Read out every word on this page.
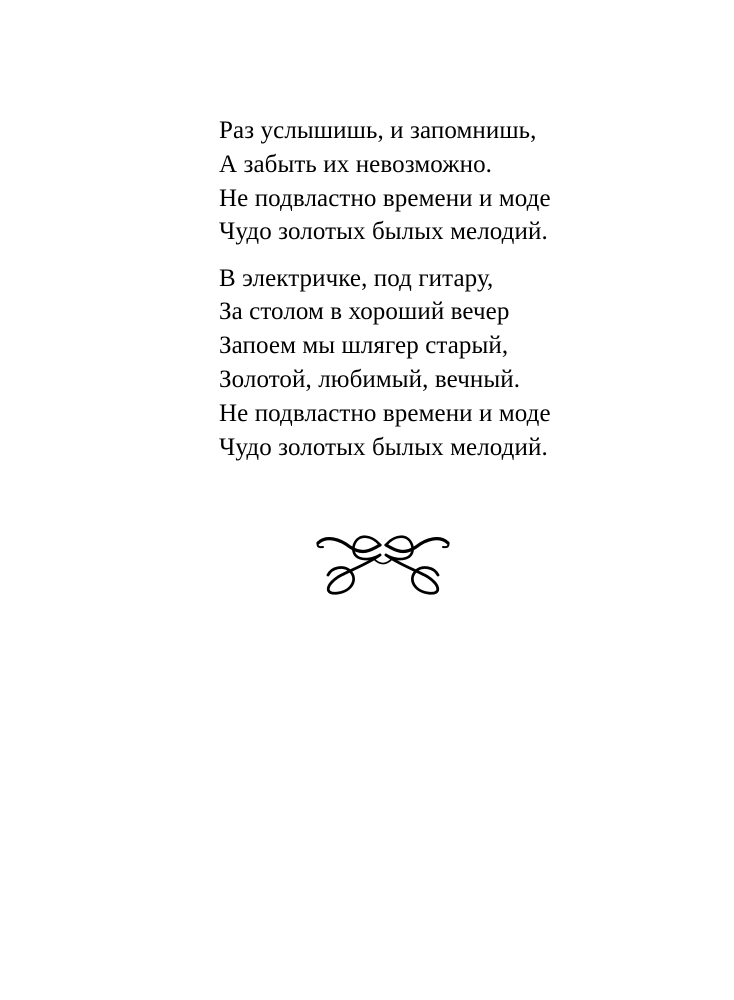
Раз услышишь, и запомнишь,
А забыть их невозможно.
Не подвластно времени и моде
Чудо золотых былых мелодий.

В электричке, под гитару,
За столом в хороший вечер
Запоем мы шлягер старый,
Золотой, любимый, вечный.
Не подвластно времени и моде
Чудо золотых былых мелодий.
